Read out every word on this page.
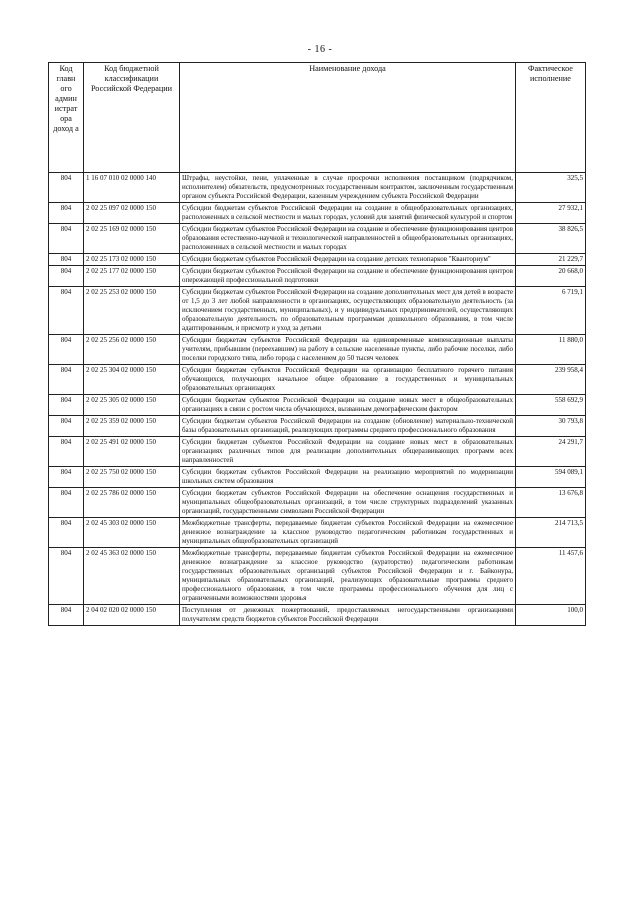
- 16 -
Код главн ого админ истрат ора доход а	Код бюджетной классификации Российской Федерации	Наименование дохода	Фактическое исполнение
804	1 16 07 010 02 0000 140	Штрафы, неустойки, пени, уплаченные в случае просрочки исполнения поставщиком (подрядчиком, исполнителем) обязательств, предусмотренных государственным контрактом, заключенным государственным органом субъекта Российской Федерации, казенным учреждением субъекта Российской Федерации	325,5
804	2 02 25 097 02 0000 150	Субсидии бюджетам субъектов Российской Федерации на создание в общеобразовательных организациях, расположенных в сельской местности и малых городах, условий для занятий физической культурой и спортом	27 932,1
804	2 02 25 169 02 0000 150	Субсидии бюджетам субъектов Российской Федерации на создание и обеспечение функционирования центров образования естественно-научной и технологической направленностей в общеобразовательных организациях, расположенных в сельской местности и малых городах	38 826,5
804	2 02 25 173 02 0000 150	Субсидии бюджетам субъектов Российской Федерации на создание детских технопарков "Кванториум"	21 229,7
804	2 02 25 177 02 0000 150	Субсидии бюджетам субъектов Российской Федерации на создание и обеспечение функционирования центров опережающей профессиональной подготовки	20 668,0
804	2 02 25 253 02 0000 150	Субсидии бюджетам субъектов Российской Федерации на создание дополнительных мест для детей в возрасте от 1,5 до 3 лет любой направленности в организациях, осуществляющих образовательную деятельность (за исключением государственных, муниципальных), и у индивидуальных предпринимателей, осуществляющих образовательную деятельность по образовательным программам дошкольного образования, в том числе адаптированным, и присмотр и уход за детьми	6 719,1
804	2 02 25 256 02 0000 150	Субсидии бюджетам субъектов Российской Федерации на единовременные компенсационные выплаты учителям, прибывшим (переехавшим) на работу в сельские населенные пункты, либо рабочие поселки, либо поселки городского типа, либо города с населением до 50 тысяч человек	11 880,0
804	2 02 25 304 02 0000 150	Субсидии бюджетам субъектов Российской Федерации на организацию бесплатного горячего питания обучающихся, получающих начальное общее образование в государственных и муниципальных образовательных организациях	239 958,4
804	2 02 25 305 02 0000 150	Субсидии бюджетам субъектов Российской Федерации на создание новых мест в общеобразовательных организациях в связи с ростом числа обучающихся, вызванным демографическим фактором	558 692,9
804	2 02 25 359 02 0000 150	Субсидии бюджетам субъектов Российской Федерации на создание (обновление) материально-технической базы образовательных организаций, реализующих программы среднего профессионального образования	30 793,8
804	2 02 25 491 02 0000 150	Субсидии бюджетам субъектов Российской Федерации на создание новых мест в образовательных организациях различных типов для реализации дополнительных общеразвивающих программ всех направленностей	24 291,7
804	2 02 25 750 02 0000 150	Субсидии бюджетам субъектов Российской Федерации на реализацию мероприятий по модернизации школьных систем образования	594 089,1
804	2 02 25 786 02 0000 150	Субсидии бюджетам субъектов Российской Федерации на обеспечение оснащения государственных и муниципальных общеобразовательных организаций, в том числе структурных подразделений указанных организаций, государственными символами Российской Федерации	13 676,8
804	2 02 45 303 02 0000 150	Межбюджетные трансферты, передаваемые бюджетам субъектов Российской Федерации на ежемесячное денежное вознаграждение за классное руководство педагогическим работникам государственных и муниципальных общеобразовательных организаций	214 713,5
804	2 02 45 363 02 0000 150	Межбюджетные трансферты, передаваемые бюджетам субъектов Российской Федерации на ежемесячное денежное вознаграждение за классное руководство (кураторство) педагогическим работникам государственных образовательных организаций субъектов Российской Федерации и г. Байконура, муниципальных образовательных организаций, реализующих образовательные программы среднего профессионального образования, в том числе программы профессионального обучения для лиц с ограниченными возможностями здоровья	11 457,6
804	2 04 02 020 02 0000 150	Поступления от денежных пожертвований, предоставляемых негосударственными организациями получателям средств бюджетов субъектов Российской Федерации	100,0
